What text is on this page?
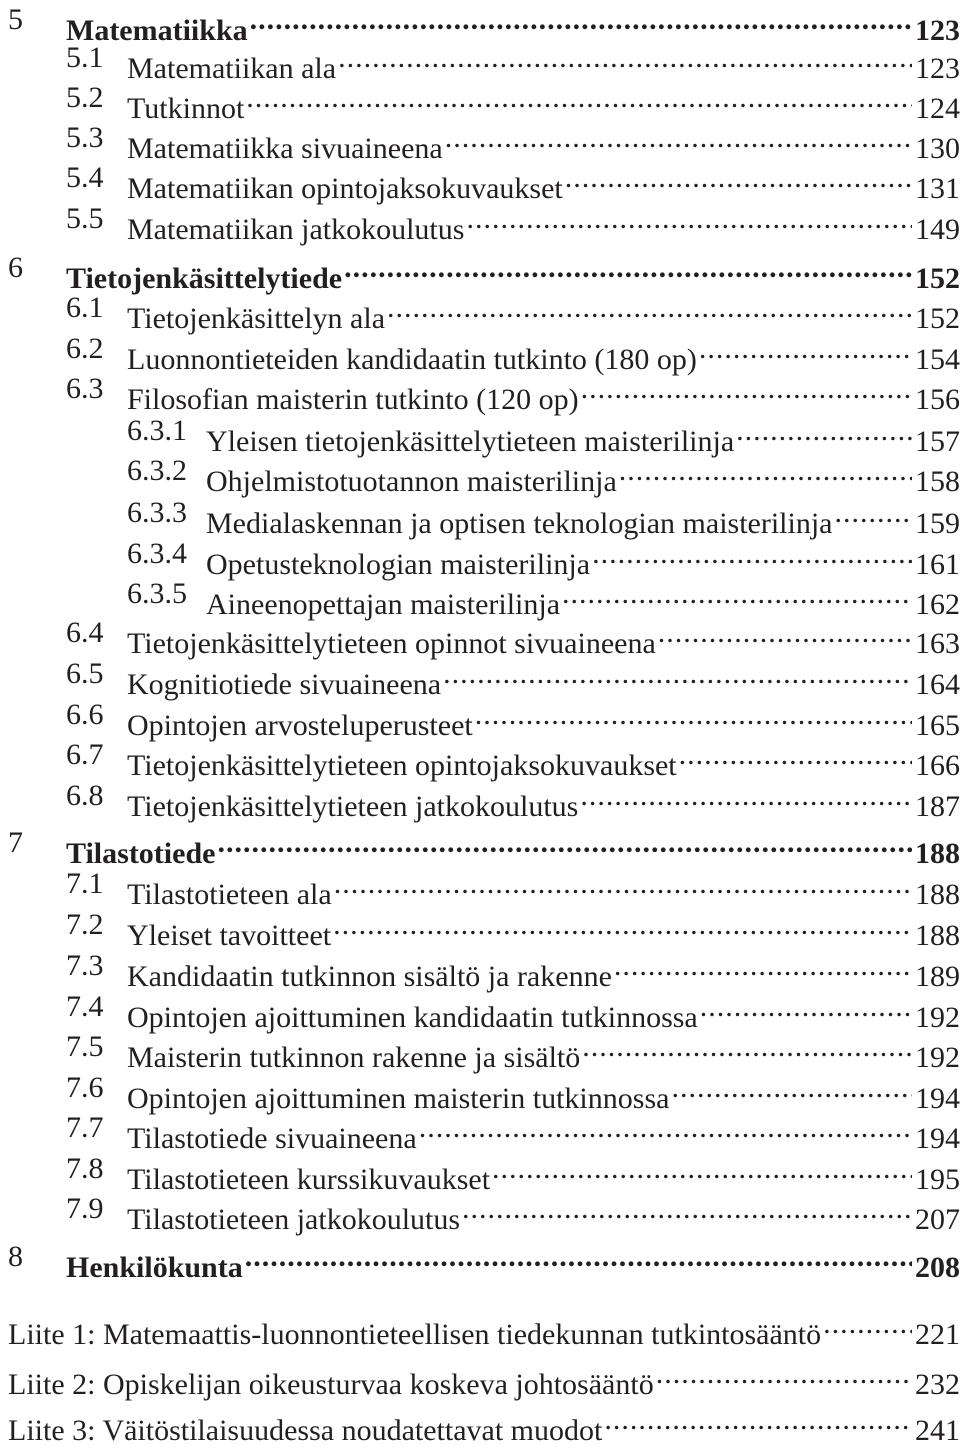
5 Matematiikka .....	123
5.1 Matematiikan ala .....	123
5.2 Tutkinnot .....	124
5.3 Matematiikka sivuaineena .....	130
5.4 Matematiikan opintojaksokuvaukset .....	131
5.5 Matematiikan jatkokoulutus .....	149
6 Tietojenkäsittelytiede .....	152
6.1 Tietojenkäsittelyn ala .....	152
6.2 Luonnontieteiden kandidaatin tutkinto (180 op) .....	154
6.3 Filosofian maisterin tutkinto (120 op) .....	156
6.3.1 Yleisen tietojenkäsittelytieteen maisterilinja .....	157
6.3.2 Ohjelmistotuotannon maisterilinja .....	158
6.3.3 Medialaskennan ja optisen teknologian maisterilinja .....	159
6.3.4 Opetusteknologian maisterilinja .....	161
6.3.5 Aineenopettajan maisterilinja .....	162
6.4 Tietojenkäsittelytieteen opinnot sivuaineena .....	163
6.5 Kognitiotiede sivuaineena .....	164
6.6 Opintojen arvosteluperusteet .....	165
6.7 Tietojenkäsittelytieteen opintojaksokuvaukset .....	166
6.8 Tietojenkäsittelytieteen jatkokoulutus .....	187
7 Tilastotiede .....	188
7.1 Tilastotieteen ala .....	188
7.2 Yleiset tavoitteet .....	188
7.3 Kandidaatin tutkinnon sisältö ja rakenne .....	189
7.4 Opintojen ajoittuminen kandidaatin tutkinnossa .....	192
7.5 Maisterin tutkinnon rakenne ja sisältö .....	192
7.6 Opintojen ajoittuminen maisterin tutkinnossa .....	194
7.7 Tilastotiede sivuaineena .....	194
7.8 Tilastotieteen kurssikuvaukset .....	195
7.9 Tilastotieteen jatkokoulutus .....	207
8 Henkilökunta .....	208
Liite 1: Matemaattis-luonnontieteellisen tiedekunnan tutkintosääntö .....	221
Liite 2: Opiskelijan oikeusturvaa koskeva johtosääntö .....	232
Liite 3: Väitöstilaisuudessa noudatettavat muodot .....	241
